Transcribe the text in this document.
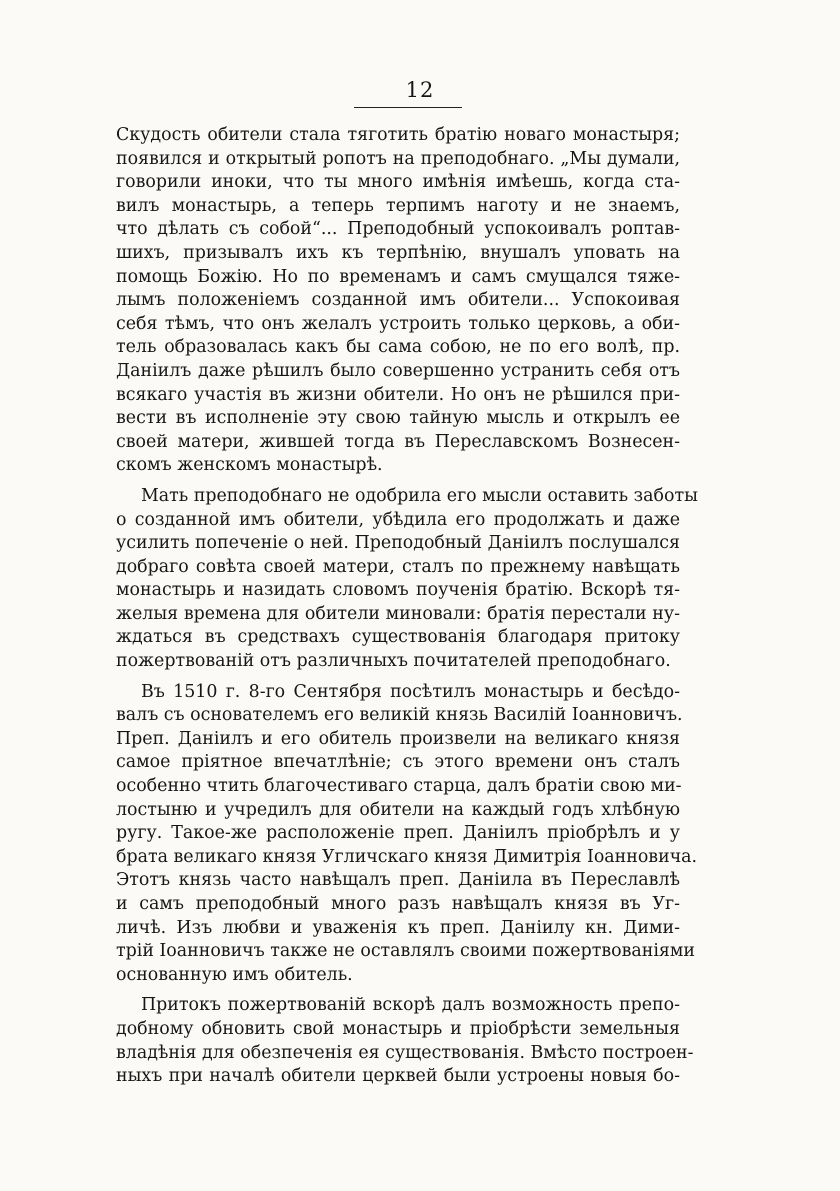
12
Скудость обители стала тяготить братію новаго монастыря;
появился и открытый ропотъ на преподобнаго. „Мы думали,
говорили иноки, что ты много имѣнія имѣешь, когда ста-
вилъ монастырь, а теперь терпимъ наготу и не знаемъ,
что дѣлать съ собой“... Преподобный успокоивалъ роптав-
шихъ, призывалъ ихъ къ терпѣнію, внушалъ уповать на
помощь Божію. Но по временамъ и самъ смущался тяже-
лымъ положеніемъ созданной имъ обители... Успокоивая
себя тѣмъ, что онъ желалъ устроить только церковь, а оби-
тель образовалась какъ бы сама собою, не по его волѣ, пр.
Даніилъ даже рѣшилъ было совершенно устранить себя отъ
всякаго участія въ жизни обители. Но онъ не рѣшился при-
вести въ исполненіе эту свою тайную мысль и открылъ ее
своей матери, жившей тогда въ Переславскомъ Вознесен-
скомъ женскомъ монастырѣ.
Мать преподобнаго не одобрила его мысли оставить заботы
о созданной имъ обители, убѣдила его продолжать и даже
усилить попеченіе о ней. Преподобный Даніилъ послушался
добраго совѣта своей матери, сталъ по прежнему навѣщать
монастырь и назидать словомъ поученія братію. Вскорѣ тя-
желыя времена для обители миновали: братія перестали ну-
ждаться въ средствахъ существованія благодаря притоку
пожертвованій отъ различныхъ почитателей преподобнаго.
Въ 1510 г. 8-го Сентября посѣтилъ монастырь и бесѣдо-
валъ съ основателемъ его великій князь Василій Іоанновичъ.
Преп. Даніилъ и его обитель произвели на великаго князя
самое пріятное впечатлѣніе; съ этого времени онъ сталъ
особенно чтить благочестиваго старца, далъ братіи свою ми-
лостыню и учредилъ для обители на каждый годъ хлѣбную
ругу. Такое-же расположеніе преп. Даніилъ пріобрѣлъ и у
брата великаго князя Угличскаго князя Димитрія Іоанновича.
Этотъ князь часто навѣщалъ преп. Даніила въ Переславлѣ
и самъ преподобный много разъ навѣщалъ князя въ Уг-
личѣ. Изъ любви и уваженія къ преп. Даніилу кн. Дими-
трій Іоанновичъ также не оставлялъ своими пожертвованіями
основанную имъ обитель.
Притокъ пожертвованій вскорѣ далъ возможность препо-
добному обновить свой монастырь и пріобрѣсти земельныя
владѣнія для обезпеченія ея существованія. Вмѣсто построен-
ныхъ при началѣ обители церквей были устроены новыя бо-
